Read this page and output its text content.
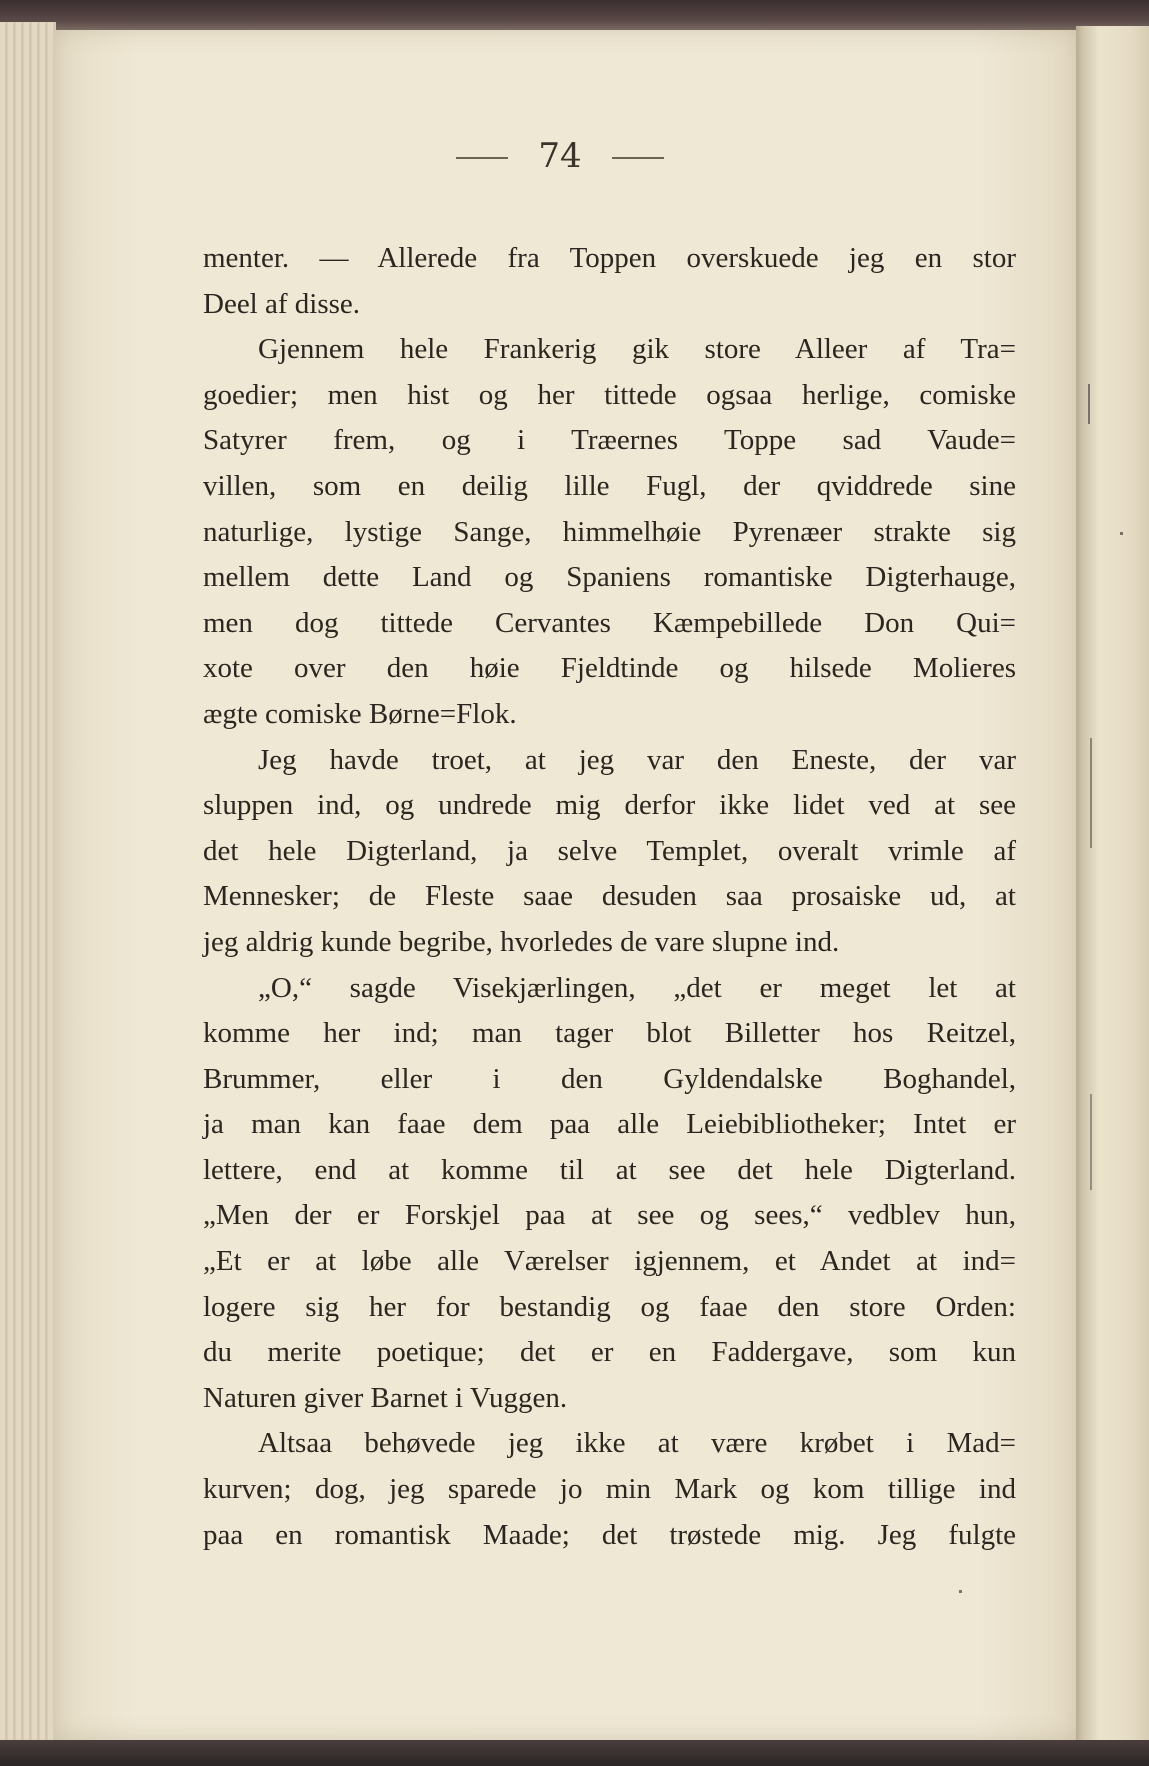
74
menter. — Allerede fra Toppen overskuede jeg en stor
Deel af disse.
Gjennem hele Frankerig gik store Alleer af Tra=
goedier; men hist og her tittede ogsaa herlige, comiske
Satyrer frem, og i Træernes Toppe sad Vaude=
villen, som en deilig lille Fugl, der qviddrede sine
naturlige, lystige Sange, himmelhøie Pyrenæer strakte sig
mellem dette Land og Spaniens romantiske Digterhauge,
men dog tittede Cervantes Kæmpebillede Don Qui=
xote over den høie Fjeldtinde og hilsede Molieres
ægte comiske Børne=Flok.
Jeg havde troet, at jeg var den Eneste, der var
sluppen ind, og undrede mig derfor ikke lidet ved at see
det hele Digterland, ja selve Templet, overalt vrimle af
Mennesker; de Fleste saae desuden saa prosaiske ud, at
jeg aldrig kunde begribe, hvorledes de vare slupne ind.
„O,“ sagde Visekjærlingen, „det er meget let at
komme her ind; man tager blot Billetter hos Reitzel,
Brummer, eller i den Gyldendalske Boghandel,
ja man kan faae dem paa alle Leiebibliotheker; Intet er
lettere, end at komme til at see det hele Digterland.
„Men der er Forskjel paa at see og sees,“ vedblev hun,
„Et er at løbe alle Værelser igjennem, et Andet at ind=
logere sig her for bestandig og faae den store Orden:
du merite poetique; det er en Faddergave, som kun
Naturen giver Barnet i Vuggen.
Altsaa behøvede jeg ikke at være krøbet i Mad=
kurven; dog, jeg sparede jo min Mark og kom tillige ind
paa en romantisk Maade; det trøstede mig. Jeg fulgte
